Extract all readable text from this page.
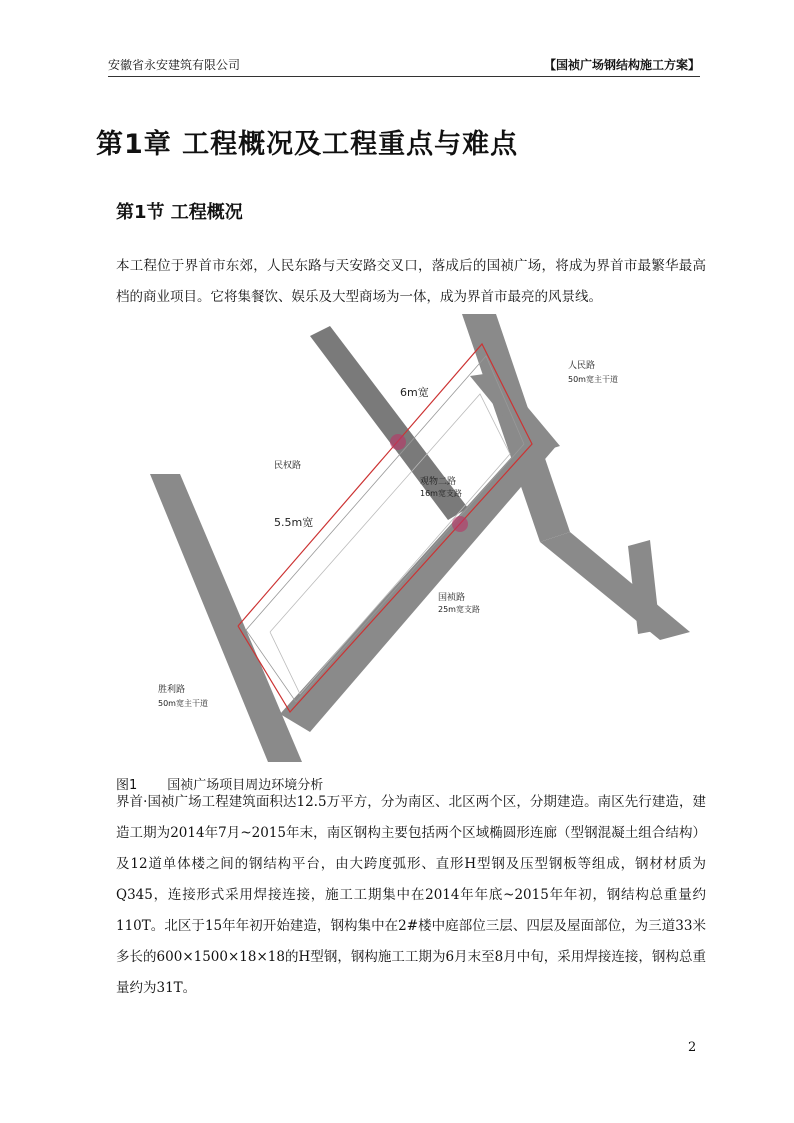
安徽省永安建筑有限公司	【国祯广场钢结构施工方案】
第1章 工程概况及工程重点与难点
第1节 工程概况
本工程位于界首市东郊，人民东路与天安路交叉口，落成后的国祯广场，将成为界首市最繁华最高档的商业项目。它将集餐饮、娱乐及大型商场为一体，成为界首市最亮的风景线。
6m宽
5.5m宽
民权路
观物二路
16m宽支路
人民路
50m宽主干道
国祯路
25m宽支路
胜利路
50m宽主干道
图1 国祯广场项目周边环境分析
界首·国祯广场工程建筑面积达12.5万平方，分为南区、北区两个区，分期建造。南区先行建造，建造工期为2014年7月~2015年末，南区钢构主要包括两个区域椭圆形连廊（型钢混凝土组合结构）及12道单体楼之间的钢结构平台，由大跨度弧形、直形H型钢及压型钢板等组成，钢材材质为Q345，连接形式采用焊接连接，施工工期集中在2014年年底~2015年年初，钢结构总重量约110T。北区于15年年初开始建造，钢构集中在2#楼中庭部位三层、四层及屋面部位，为三道33米多长的600×1500×18×18的H型钢，钢构施工工期为6月末至8月中旬，采用焊接连接，钢构总重量约为31T。
2
